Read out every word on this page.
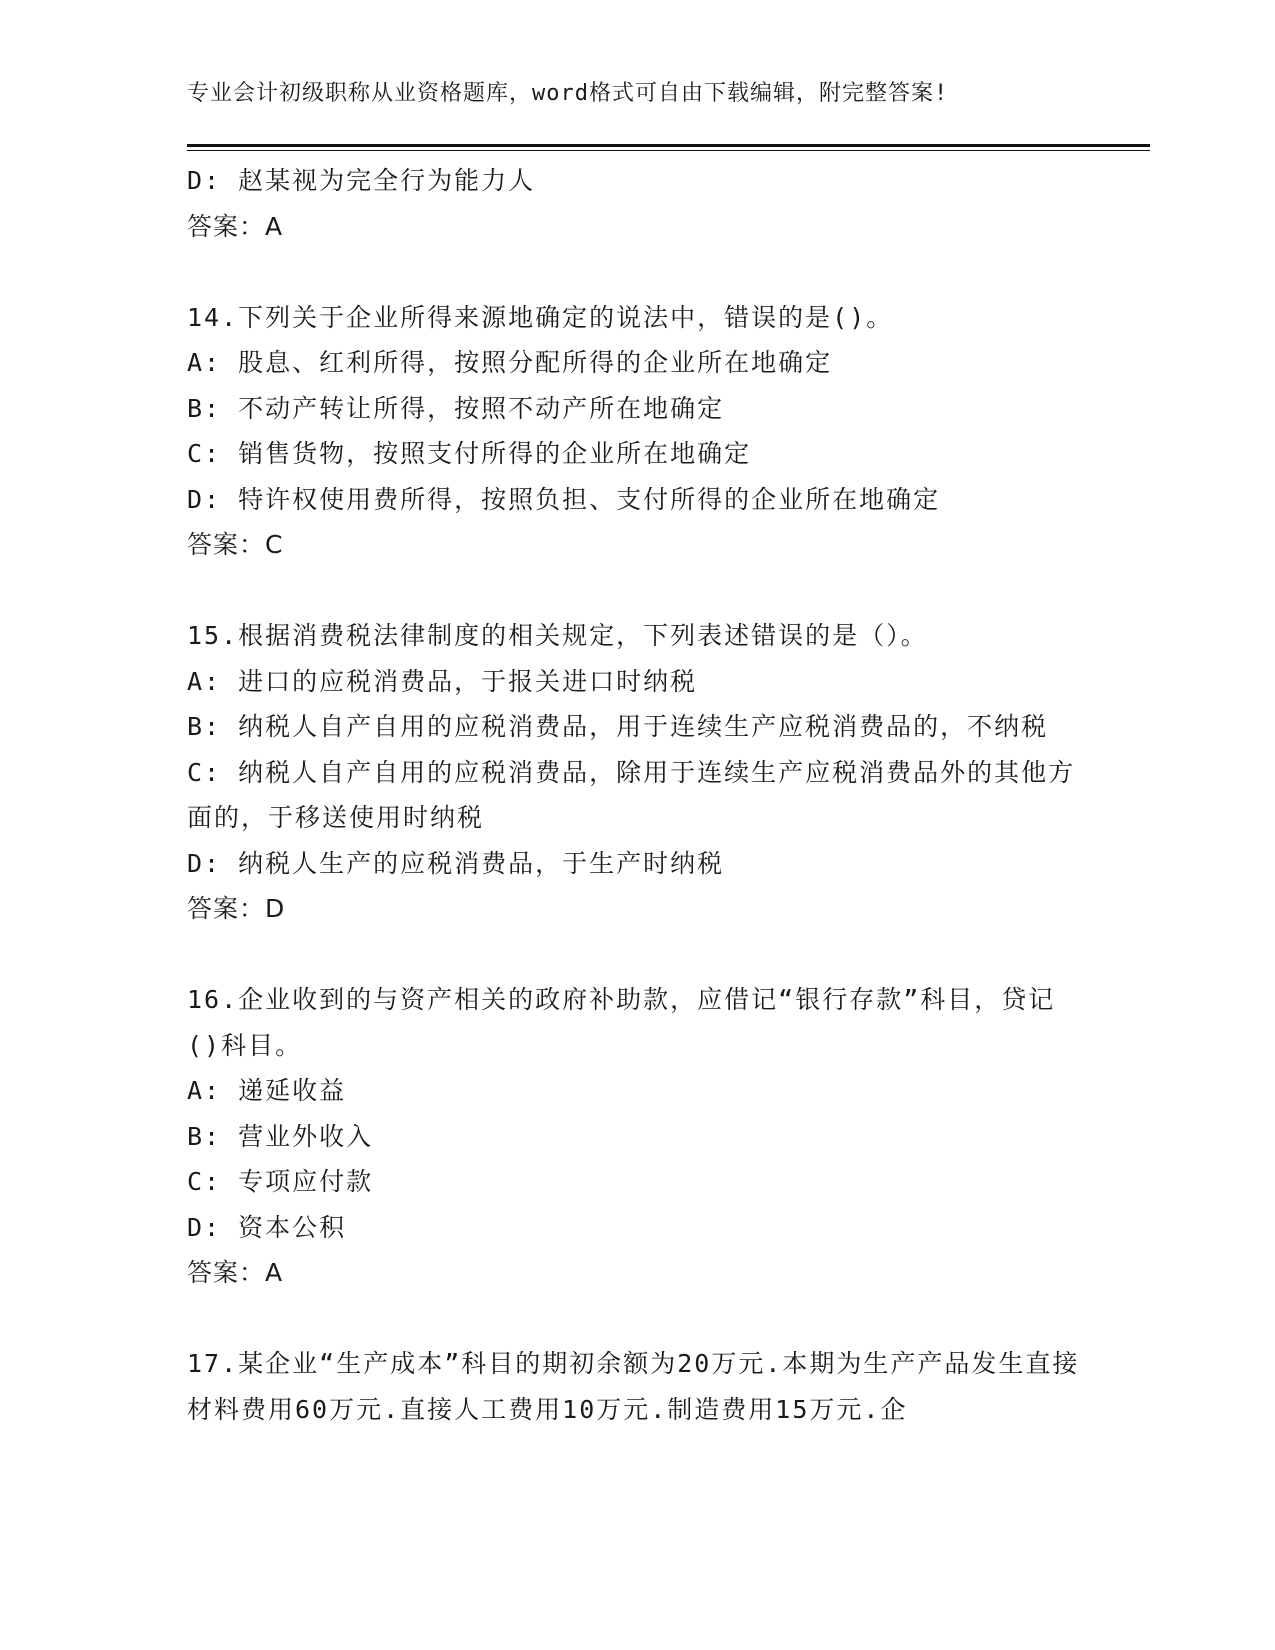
专业会计初级职称从业资格题库，word格式可自由下载编辑，附完整答案!
D: 赵某视为完全行为能力人
答案：A
14.下列关于企业所得来源地确定的说法中，错误的是()。
A: 股息、红利所得，按照分配所得的企业所在地确定
B: 不动产转让所得，按照不动产所在地确定
C: 销售货物，按照支付所得的企业所在地确定
D: 特许权使用费所得，按照负担、支付所得的企业所在地确定
答案：C
15.根据消费税法律制度的相关规定，下列表述错误的是（）。
A: 进口的应税消费品，于报关进口时纳税
B: 纳税人自产自用的应税消费品，用于连续生产应税消费品的，不纳税
C: 纳税人自产自用的应税消费品，除用于连续生产应税消费品外的其他方面的，于移送使用时纳税
D: 纳税人生产的应税消费品，于生产时纳税
答案：D
16.企业收到的与资产相关的政府补助款，应借记“银行存款”科目，贷记()科目。
A: 递延收益
B: 营业外收入
C: 专项应付款
D: 资本公积
答案：A
17.某企业“生产成本”科目的期初余额为20万元.本期为生产产品发生直接材料费用60万元.直接人工费用10万元.制造费用15万元.企
